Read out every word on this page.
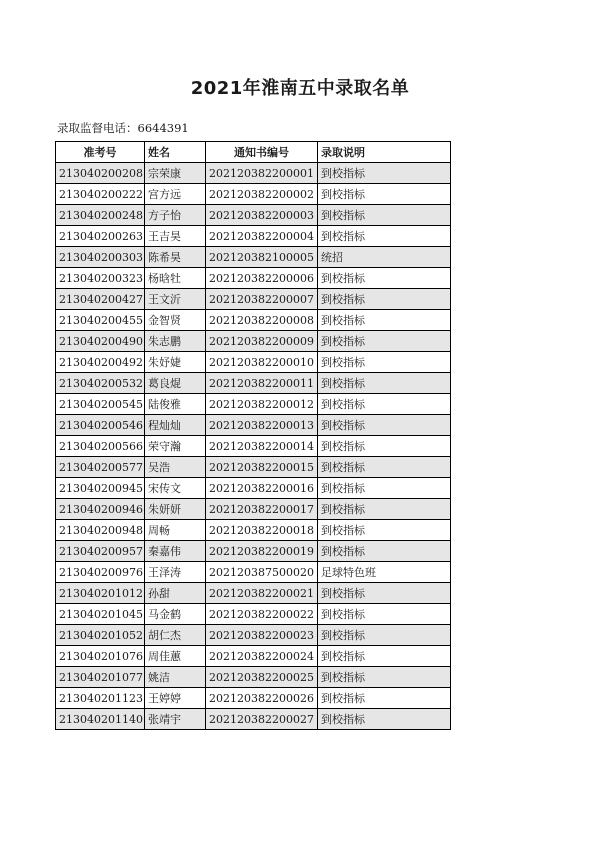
2021年淮南五中录取名单
录取监督电话：6644391
准考号	姓名	通知书编号	录取说明
213040200208	宗荣康	202120382200001	到校指标
213040200222	宫方远	202120382200002	到校指标
213040200248	方子怡	202120382200003	到校指标
213040200263	王吉昊	202120382200004	到校指标
213040200303	陈希昊	202120382100005	统招
213040200323	杨晗牡	202120382200006	到校指标
213040200427	王文沂	202120382200007	到校指标
213040200455	金智贤	202120382200008	到校指标
213040200490	朱志鹏	202120382200009	到校指标
213040200492	朱妤婕	202120382200010	到校指标
213040200532	葛良焜	202120382200011	到校指标
213040200545	陆俊雅	202120382200012	到校指标
213040200546	程灿灿	202120382200013	到校指标
213040200566	荣守瀚	202120382200014	到校指标
213040200577	吴浩	202120382200015	到校指标
213040200945	宋传文	202120382200016	到校指标
213040200946	朱妍妍	202120382200017	到校指标
213040200948	周畅	202120382200018	到校指标
213040200957	秦嘉伟	202120382200019	到校指标
213040200976	王泽涛	202120387500020	足球特色班
213040201012	孙甜	202120382200021	到校指标
213040201045	马金鹤	202120382200022	到校指标
213040201052	胡仁杰	202120382200023	到校指标
213040201076	周佳蕙	202120382200024	到校指标
213040201077	姚洁	202120382200025	到校指标
213040201123	王婷婷	202120382200026	到校指标
213040201140	张靖宇	202120382200027	到校指标
